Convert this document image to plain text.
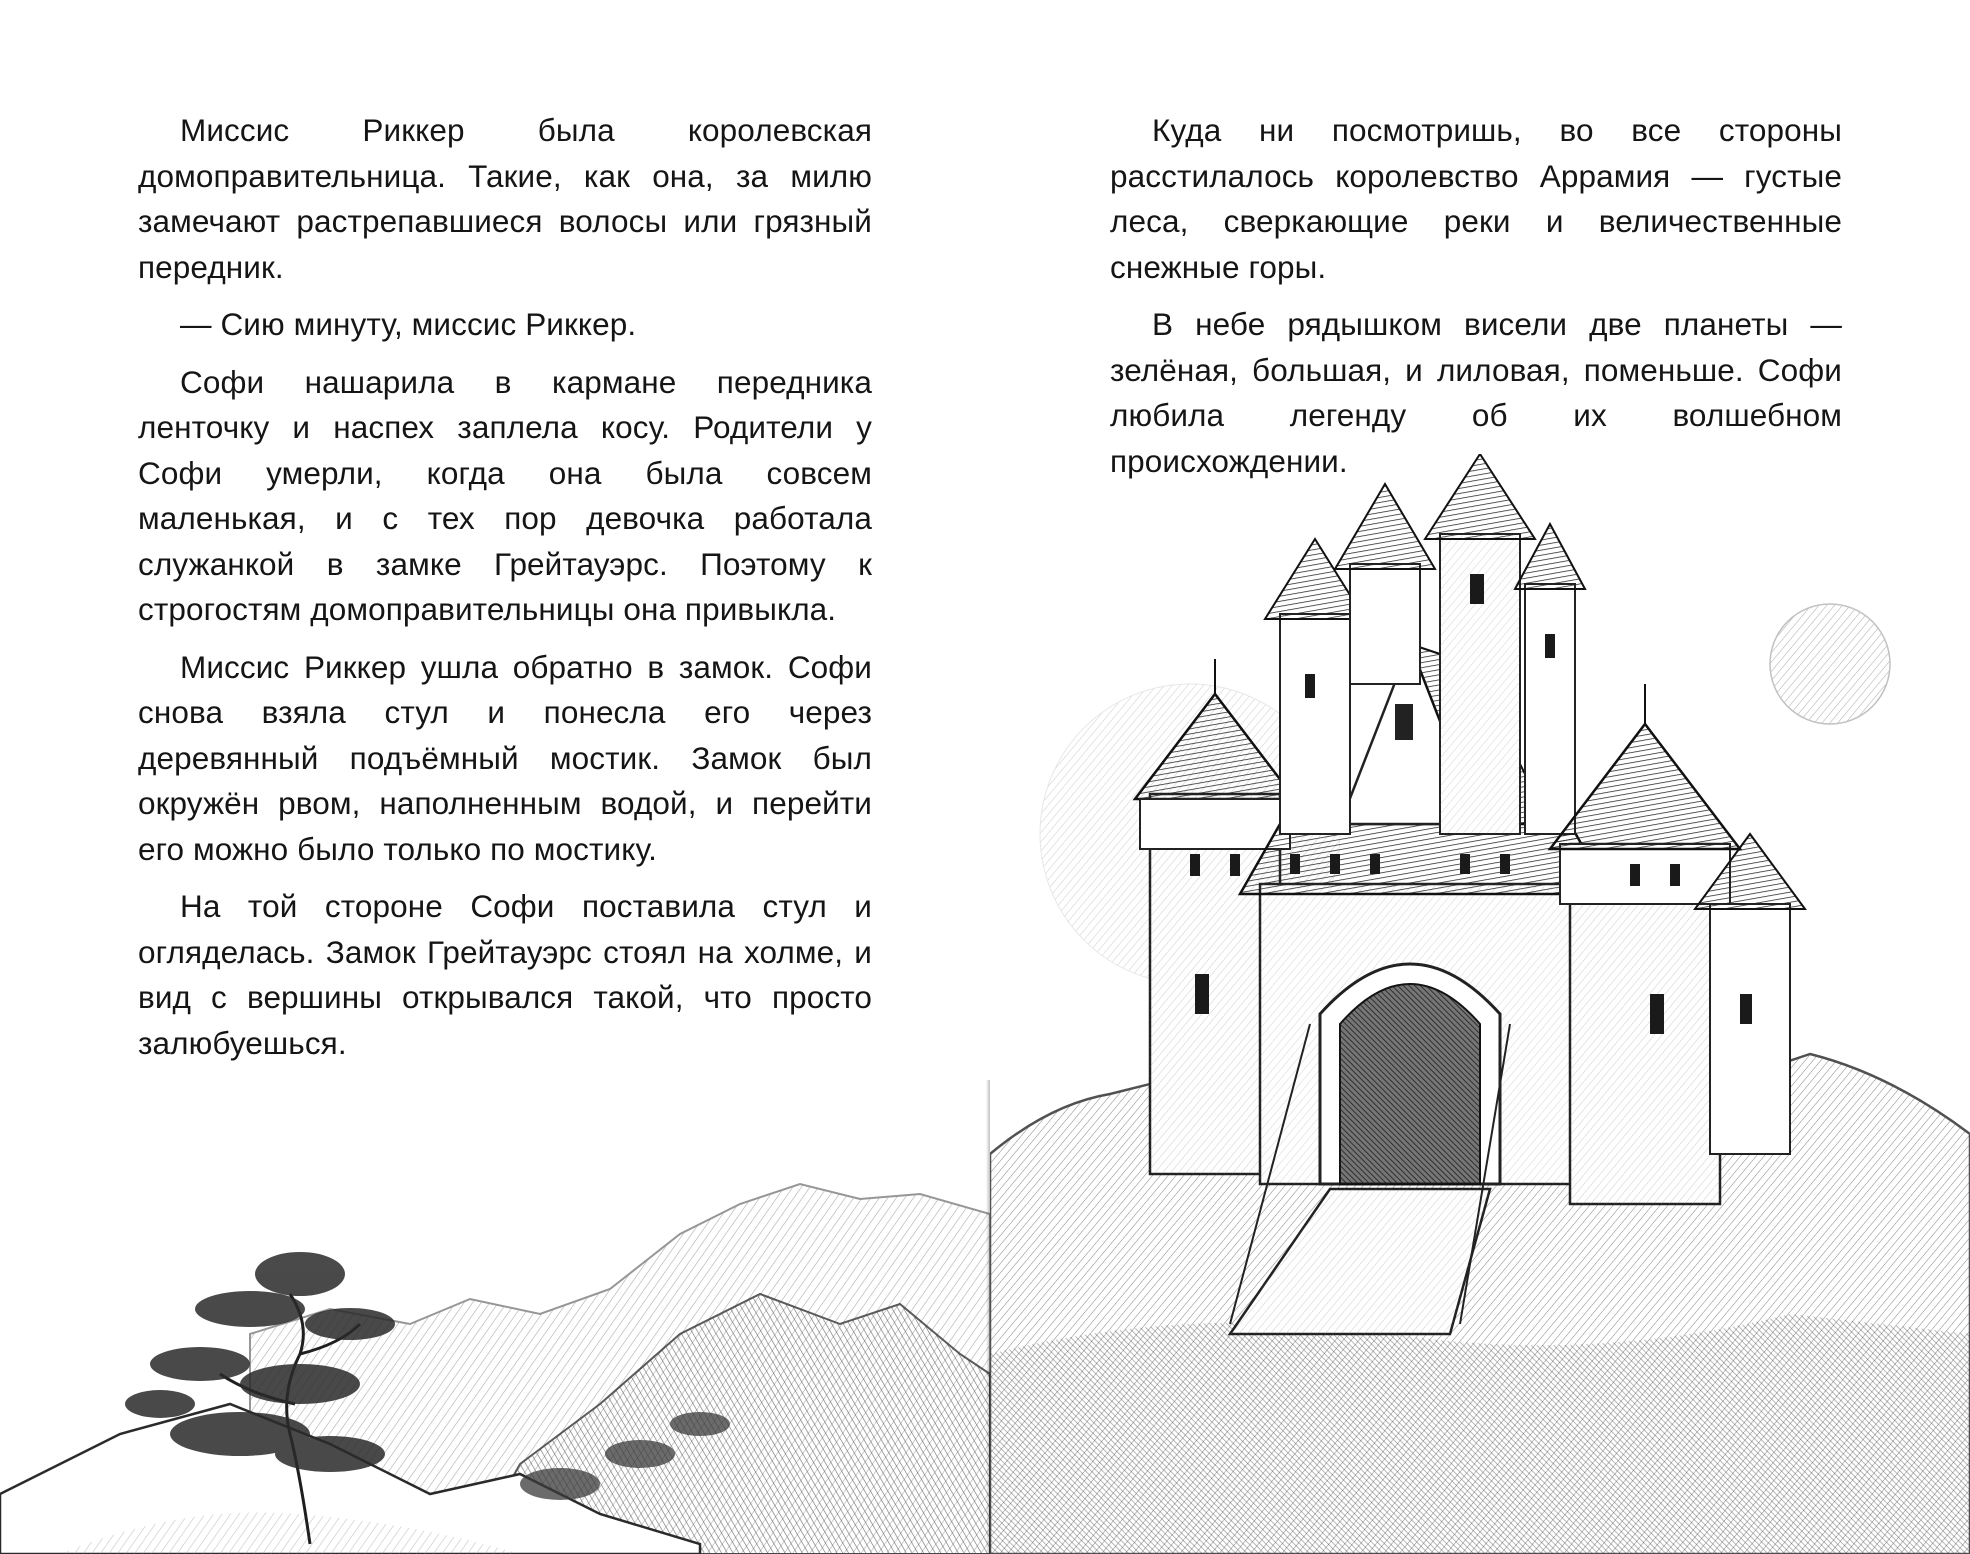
Миссис Риккер была королевская домоправительница. Такие, как она, за милю замечают растрепавшиеся волосы или грязный передник.

— Сию минуту, миссис Риккер.

Софи нашарила в кармане передника ленточку и наспех заплела косу. Родители у Софи умерли, когда она была совсем маленькая, и с тех пор девочка работала служанкой в замке Грейтауэрс. Поэтому к строгостям домоправительницы она привыкла.

Миссис Риккер ушла обратно в замок. Софи снова взяла стул и понесла его через деревянный подъёмный мостик. Замок был окружён рвом, наполненным водой, и перейти его можно было только по мостику.

На той стороне Софи поставила стул и огляделась. Замок Грейтауэрс стоял на холме, и вид с вершины открывался такой, что просто залюбуешься.

Куда ни посмотришь, во все стороны расстилалось королевство Аррамия — густые леса, сверкающие реки и величественные снежные горы.

В небе рядышком висели две планеты — зелёная, большая, и лиловая, поменьше. Софи любила легенду об их волшебном происхождении.
